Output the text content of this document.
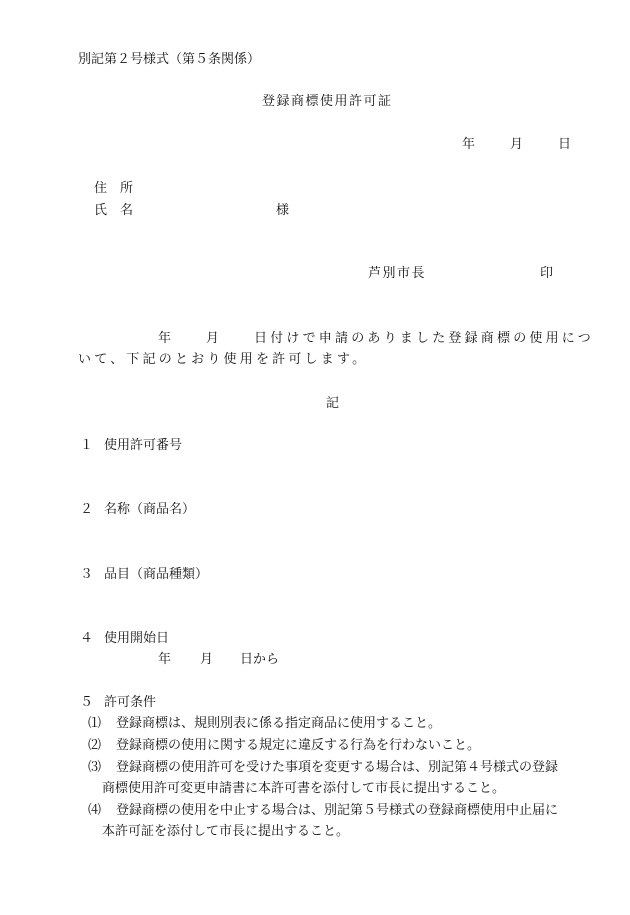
別記第２号様式（第５条関係）
登録商標使用許可証
年	月	日
住　所
氏　名	様
芦別市長	印
年	月	日付けで申請のありました登録商標の使用につ
いて、下記のとおり使用を許可します。
記
１ 使用許可番号
２ 名称（商品名）
３ 品目（商品種類）
４ 使用開始日
年 月 日から
５ 許可条件
⑴ 登録商標は、規則別表に係る指定商品に使用すること。
⑵ 登録商標の使用に関する規定に違反する行為を行わないこと。
⑶ 登録商標の使用許可を受けた事項を変更する場合は、別記第４号様式の登録
商標使用許可変更申請書に本許可書を添付して市長に提出すること。
⑷ 登録商標の使用を中止する場合は、別記第５号様式の登録商標使用中止届に
本許可証を添付して市長に提出すること。
